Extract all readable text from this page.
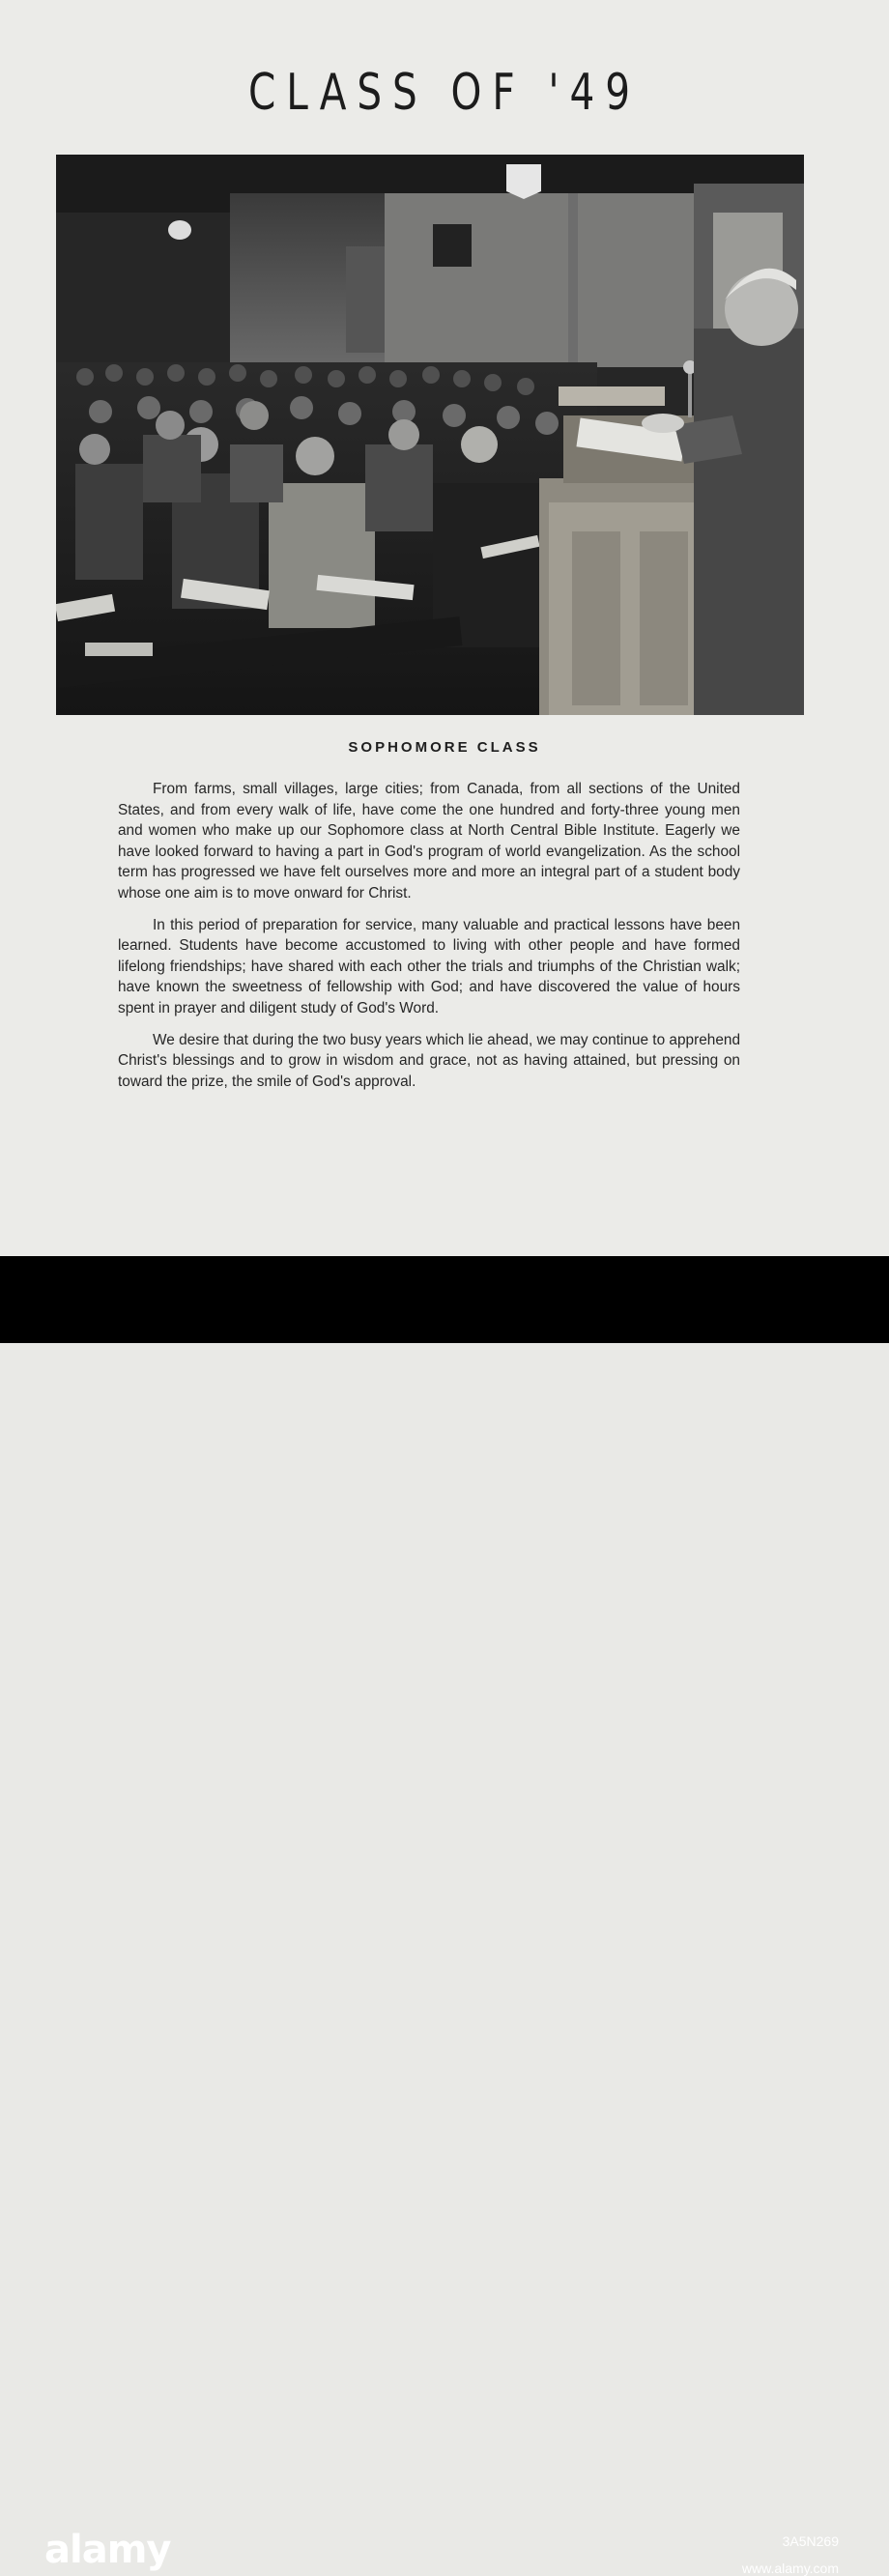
CLASS OF '49
SOPHOMORE CLASS

From farms, small villages, large cities; from Canada, from all sections of the United States, and from every walk of life, have come the one hundred and forty-three young men and women who make up our Sophomore class at North Central Bible Institute. Eagerly we have looked forward to having a part in God's program of world evangelization. As the school term has progressed we have felt ourselves more and more an integral part of a student body whose one aim is to move onward for Christ.

In this period of preparation for service, many valuable and practical lessons have been learned. Students have become accustomed to living with other people and have formed lifelong friendships; have shared with each other the trials and triumphs of the Christian walk; have known the sweetness of fellowship with God; and have discovered the value of hours spent in prayer and diligent study of God's Word.

We desire that during the two busy years which lie ahead, we may continue to apprehend Christ's blessings and to grow in wisdom and grace, not as having attained, but pressing on toward the prize, the smile of God's approval.

alamy	3A5N269
www.alamy.com
